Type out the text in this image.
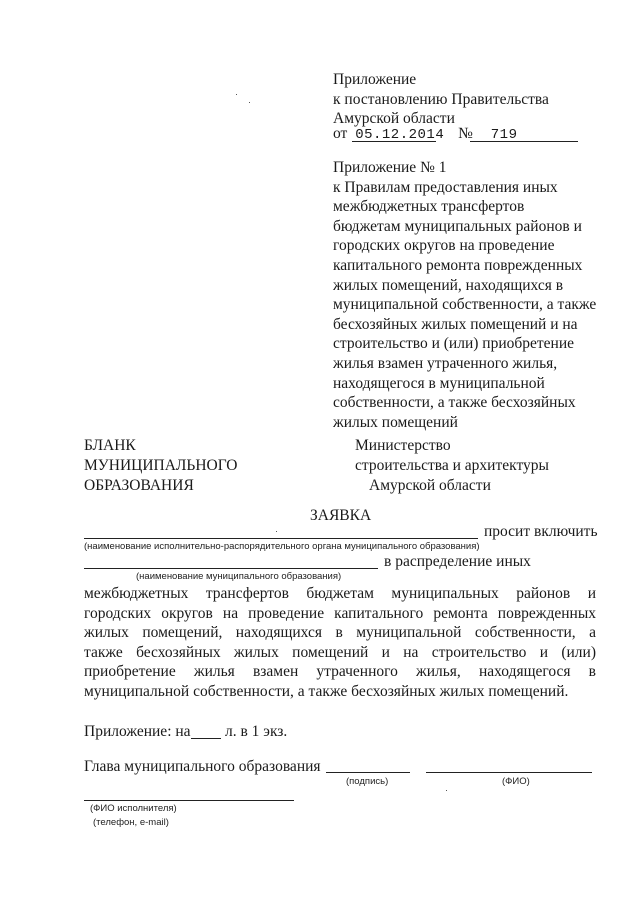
Приложение
к постановлению Правительства
Амурской области
от 05.12.2014 № 719
Приложение № 1
к Правилам предоставления иных
межбюджетных трансфертов
бюджетам муниципальных районов и
городских округов на проведение
капитального ремонта поврежденных
жилых помещений, находящихся в
муниципальной собственности, а также
бесхозяйных жилых помещений и на
строительство и (или) приобретение
жилья взамен утраченного жилья,
находящегося в муниципальной
собственности, а также бесхозяйных
жилых помещений
БЛАНК
МУНИЦИПАЛЬНОГО
ОБРАЗОВАНИЯ
Министерство
строительства и архитектуры
Амурской области
ЗАЯВКА
просит включить
(наименование исполнительно-распорядительного органа муниципального образования)
в распределение иных
(наименование муниципального образования)
межбюджетных трансфертов бюджетам муниципальных районов и
городских округов на проведение капитального ремонта поврежденных
жилых помещений, находящихся в муниципальной собственности, а
также бесхозяйных жилых помещений и на строительство и (или)
приобретение жилья взамен утраченного жилья, находящегося в
муниципальной собственности, а также бесхозяйных жилых помещений.
Приложение: на л. в 1 экз.
Глава муниципального образования
(подпись)	(ФИО)
(ФИО исполнителя)
(телефон, e-mail)
